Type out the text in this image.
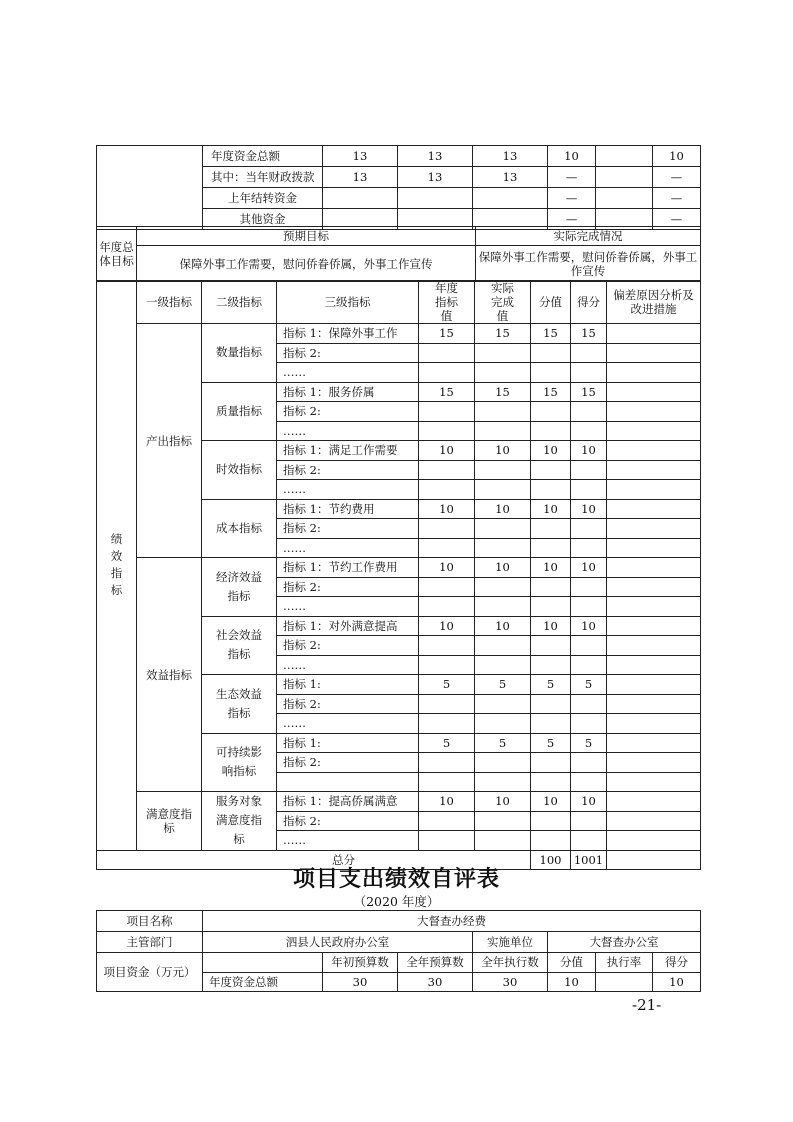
	年度资金总额	13	13	13	10		10
	其中：当年财政拨款	13	13	13	—		—
	上年结转资金				—		—
	其他资金				—		—
年度总体目标	预期目标	实际完成情况
	保障外事工作需要，慰问侨眷侨属，外事工作宣传	保障外事工作需要，慰问侨眷侨属，外事工作宣传
绩效指标	一级指标	二级指标	三级指标	年度指标值	实际完成值	分值	得分	偏差原因分析及改进措施
	产出指标	数量指标	指标 1：保障外事工作	15	15	15	15	
			指标 2:					
			……					
		质量指标	指标 1：服务侨属	15	15	15	15	
			指标 2:					
			……					
		时效指标	指标 1：满足工作需要	10	10	10	10	
			指标 2:					
			……					
		成本指标	指标 1：节约费用	10	10	10	10	
			指标 2:					
			……					
	效益指标	经济效益指标	指标 1：节约工作费用	10	10	10	10	
			指标 2:					
			……					
		社会效益指标	指标 1：对外满意提高	10	10	10	10	
			指标 2:					
			……					
		生态效益指标	指标 1:	5	5	5	5	
			指标 2:					
			……					
		可持续影响指标	指标 1:	5	5	5	5	
			指标 2:					

	满意度指标	服务对象满意度指标	指标 1：提高侨属满意	10	10	10	10	
			指标 2:					
			……					
总分						100	1001	
项目支出绩效自评表
（2020 年度）
项目名称	大督查办经费						
主管部门	泗县人民政府办公室			实施单位	大督查办公室		
项目资金（万元）		年初预算数	全年预算数	全年执行数	分值	执行率	得分
	年度资金总额	30	30	30	10		10
-21-
